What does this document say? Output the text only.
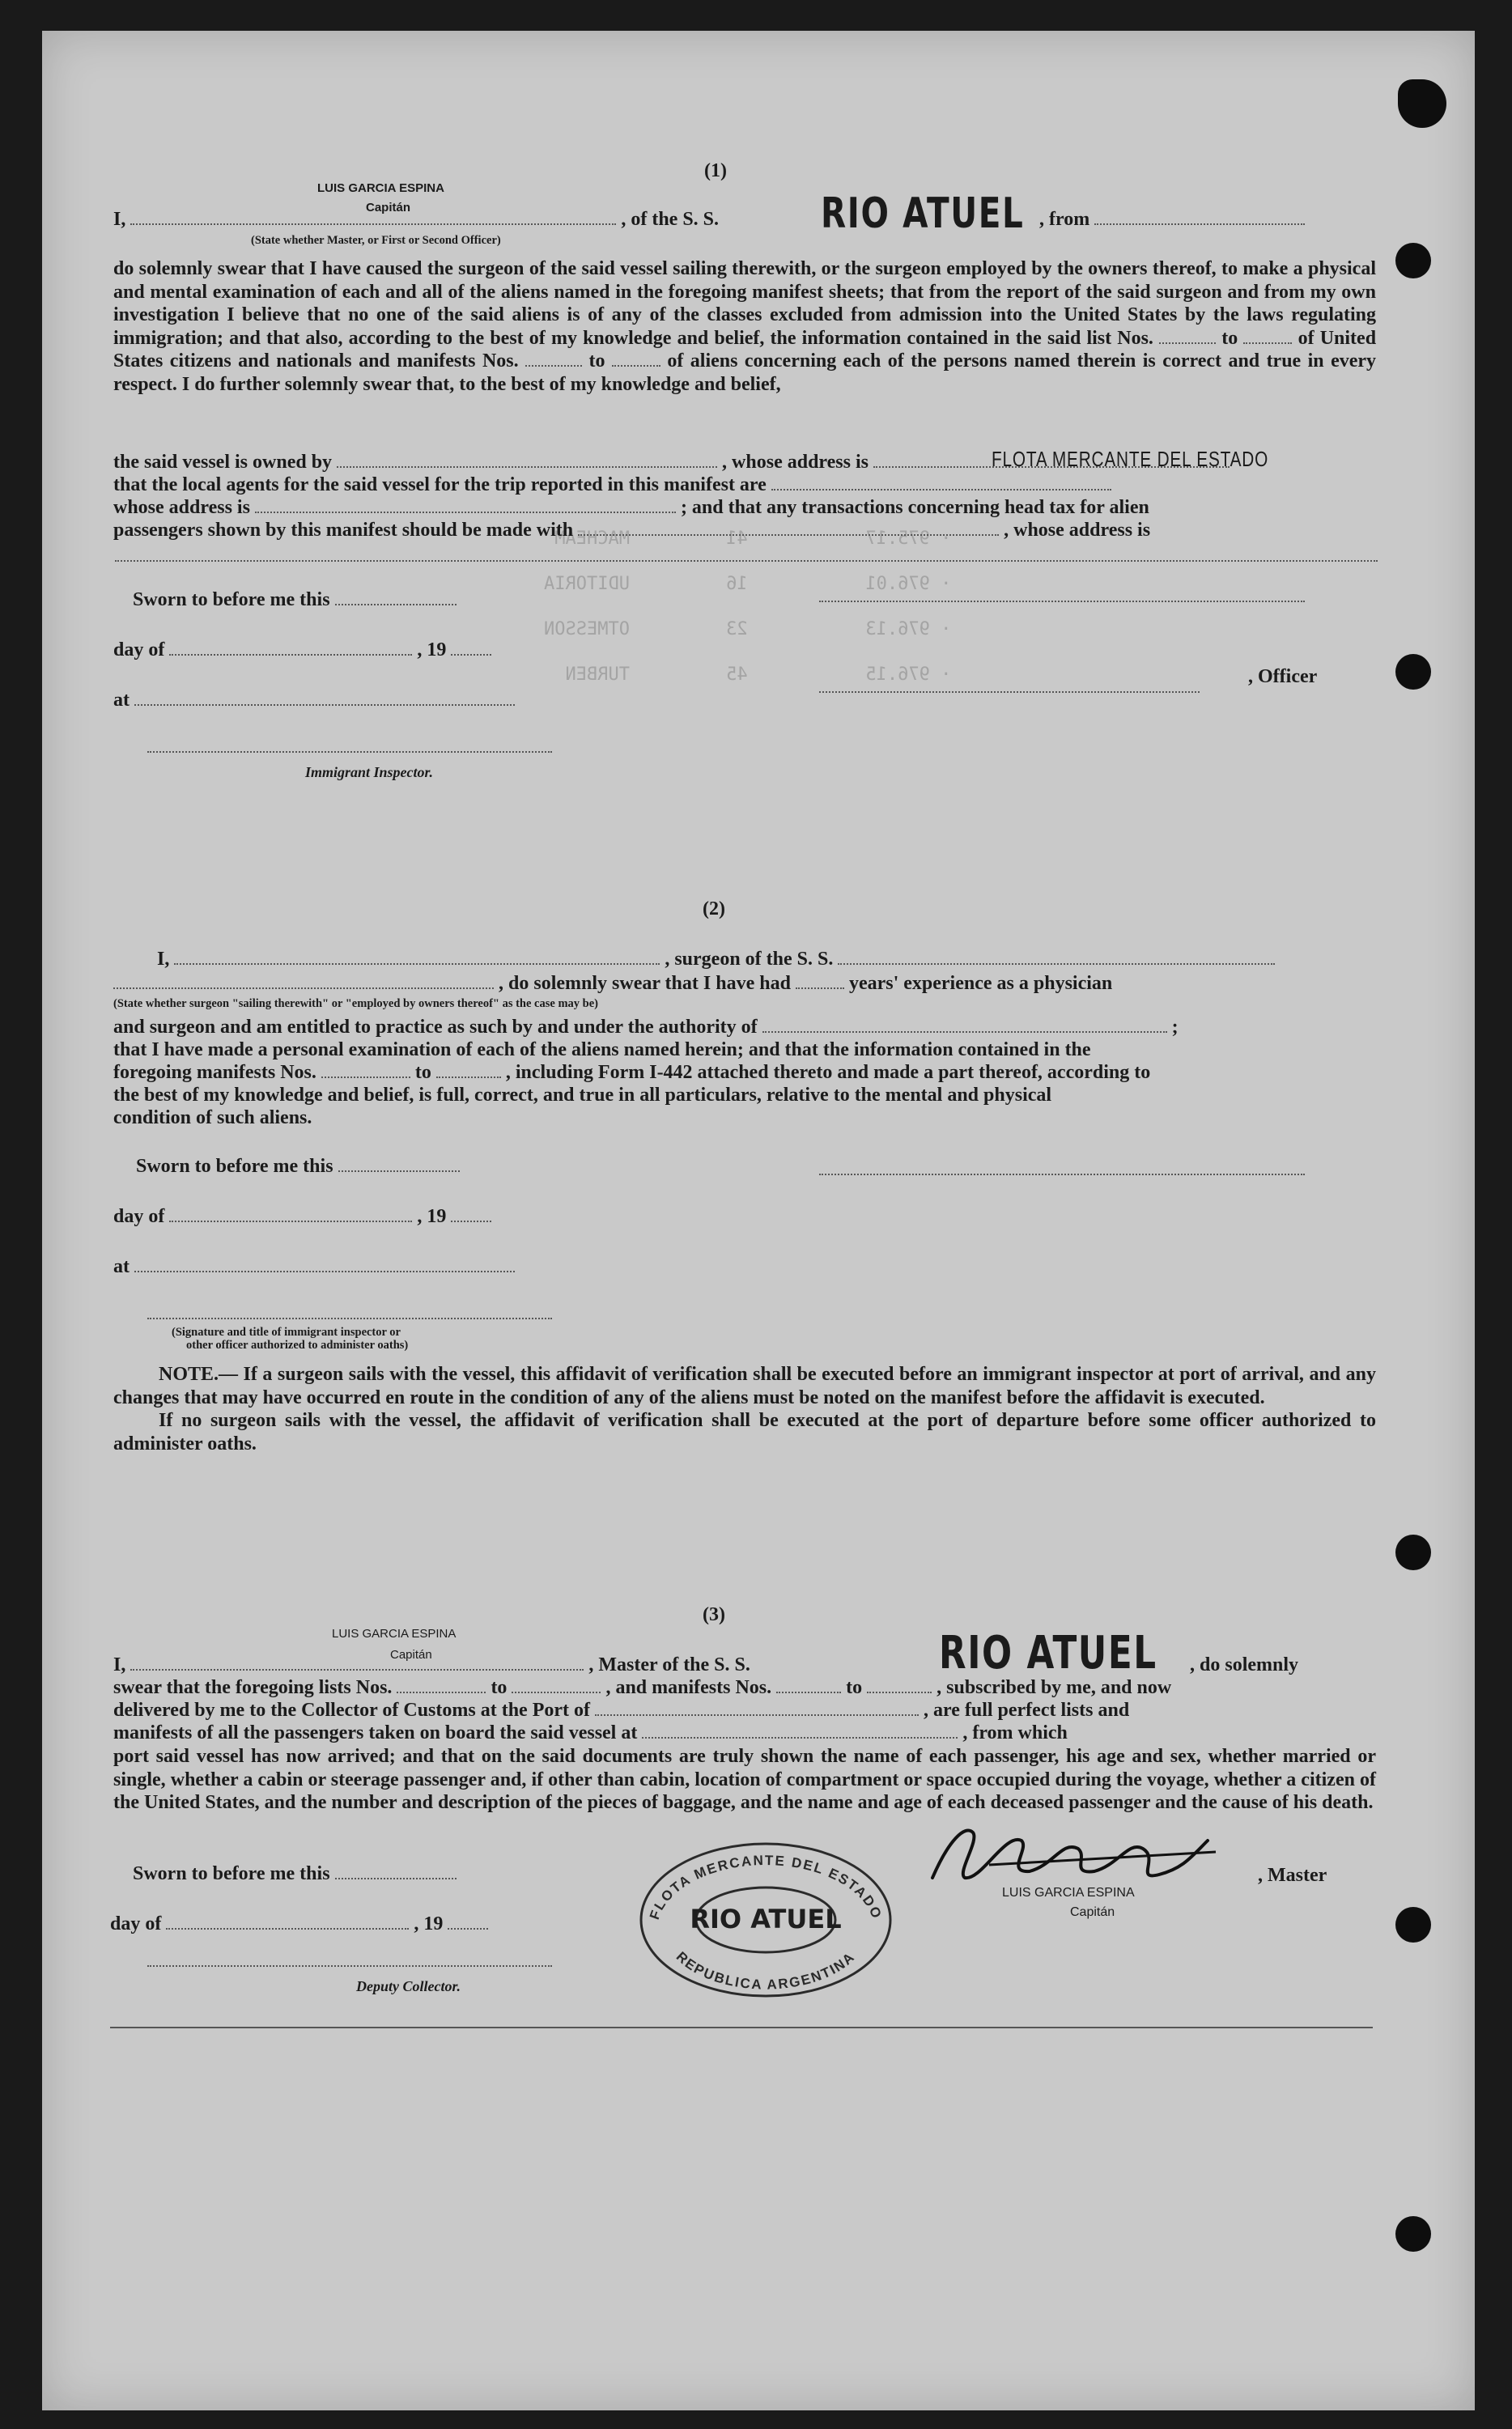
· 975.17           41         MACHEAM
· 976.01           16         UDITORIA
· 976.13           23         OTMESSON
· 976.15           45         TURBEN
(1)
LUIS GARCIA ESPINA
Capitán
I,	, of the S. S. RIO ATUEL , from
(State whether Master, or First or Second Officer)

do solemnly swear that I have caused the surgeon of the said vessel sailing therewith, or the surgeon employed by the owners thereof, to make a physical and mental examination of each and all of the aliens named in the foregoing manifest sheets; that from the report of the said surgeon and from my own investigation I believe that no one of the said aliens is of any of the classes excluded from admission into the United States by the laws regulating immigration; and that also, according to the best of my knowledge and belief, the information contained in the said list Nos.	to	of United States citizens and nationals and manifests Nos.	to	of aliens concerning each of the persons named therein is correct and true in every respect. I do further solemnly swear that, to the best of my knowledge and belief,

the said vessel is owned by	, whose address is	FLOTA MERCANTE DEL ESTADO
that the local agents for the said vessel for the trip reported in this manifest are
whose address is	; and that any transactions concerning head tax for alien
passengers shown by this manifest should be made with	, whose address is
Sworn to before me this
day of	, 19
at
, Officer
Immigrant Inspector.
(2)
I,	, surgeon of the S. S.
, do solemnly swear that I have had	years' experience as a physician
(State whether surgeon "sailing therewith" or "employed by owners thereof" as the case may be)
and surgeon and am entitled to practice as such by and under the authority of	;
that I have made a personal examination of each of the aliens named herein; and that the information contained in the
foregoing manifests Nos.	to	, including Form I-442 attached thereto and made a part thereof, according to
the best of my knowledge and belief, is full, correct, and true in all particulars, relative to the mental and physical
condition of such aliens.
Sworn to before me this
day of	, 19
at
(Signature and title of immigrant inspector or
other officer authorized to administer oaths)

NOTE.— If a surgeon sails with the vessel, this affidavit of verification shall be executed before an immigrant inspector at port of arrival, and any changes that may have occurred en route in the condition of any of the aliens must be noted on the manifest before the affidavit is executed.

If no surgeon sails with the vessel, the affidavit of verification shall be executed at the port of departure before some officer authorized to administer oaths.

(3)
LUIS GARCIA ESPINA
Capitán
I,	, Master of the S. S.	RIO ATUEL , do solemnly
swear that the foregoing lists Nos.	to	, and manifests Nos.	to	, subscribed by me, and now
delivered by me to the Collector of Customs at the Port of	, are full perfect lists and
manifests of all the passengers taken on board the said vessel at	, from which

port said vessel has now arrived; and that on the said documents are truly shown the name of each passenger, his age and sex, whether married or single, whether a cabin or steerage passenger and, if other than cabin, location of compartment or space occupied during the voyage, whether a citizen of the United States, and the number and description of the pieces of baggage, and the name and age of each deceased passenger and the cause of his death.

Sworn to before me this	, Master
day of	, 19
Deputy Collector.
FLOTA MERCANTE DEL ESTADO
REPUBLICA ARGENTINA
RIO ATUEL
LUIS GARCIA ESPINA
Capitán
